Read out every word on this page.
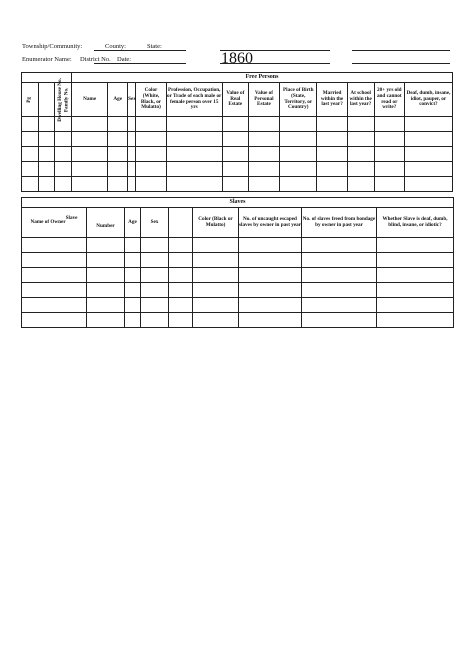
1860
Township/Community:	County:	State:
Enumerator Name: District No. Date:
			Free Persons											
Pg	Dwelling House No.	Family No.	Name	Age	Sex	Color (White, Black, or Mulatto)	Profession, Occupation, or Trade of each male or female person over 15 yrs	Value of Real Estate	Value of Personal Estate	Place of Birth (State, Territory, or Country)	Married within the last year?	At school within the last year?	20+ yrs old and cannot read or write?	Deaf, dumb, insane, idiot, pauper, or convict?

Slaves								
Name of OwnerSlave	Number	Age	Sex		Color (Black or Mulatto)	No. of uncaught escaped slaves by owner in past year	No. of slaves freed from bondage by owner in past year	Whether Slave is deaf, dumb, blind, insane, or idiotic?
